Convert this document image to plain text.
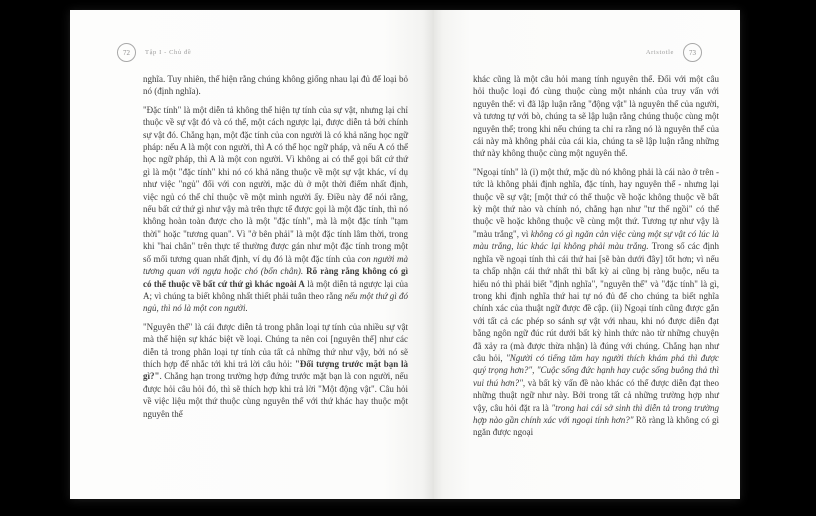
72 Tập I - Chủ đề

nghĩa. Tuy nhiên, thể hiện rằng chúng không giống nhau lại đủ để loại bỏ nó (định nghĩa).

"Đặc tính" là một diễn tả không thể hiện tự tính của sự vật, nhưng lại chỉ thuộc về sự vật đó và có thể, một cách ngược lại, được diễn tả bởi chính sự vật đó. Chẳng hạn, một đặc tính của con người là có khả năng học ngữ pháp: nếu A là một con người, thì A có thể học ngữ pháp, và nếu A có thể học ngữ pháp, thì A là một con người. Vì không ai có thể gọi bất cứ thứ gì là một "đặc tính" khi nó có khả năng thuộc về một sự vật khác, ví dụ như việc "ngủ" đối với con người, mặc dù ở một thời điểm nhất định, việc ngủ có thể chỉ thuộc về một mình người ấy. Điều này để nói rằng, nếu bất cứ thứ gì như vậy mà trên thực tế được gọi là một đặc tính, thì nó không hoàn toàn được cho là một "đặc tính", mà là một đặc tính "tạm thời" hoặc "tương quan". Vì "ở bên phải" là một đặc tính lâm thời, trong khi "hai chân" trên thực tế thường được gán như một đặc tính trong một số mối tương quan nhất định, ví dụ đó là một đặc tính của con người mà tương quan với ngựa hoặc chó (bốn chân). Rõ ràng rằng không có gì có thể thuộc về bất cứ thứ gì khác ngoài A là một diễn tả ngược lại của A; vì chúng ta biết không nhất thiết phải tuân theo rằng nếu một thứ gì đó ngủ, thì nó là một con người.

"Nguyên thể" là cái được diễn tả trong phân loại tự tính của nhiều sự vật mà thể hiện sự khác biệt về loại. Chúng ta nên coi [nguyên thể] như các diễn tả trong phân loại tự tính của tất cả những thứ như vậy, bởi nó sẽ thích hợp để nhắc tới khi trả lời câu hỏi: "Đối tượng trước mặt bạn là gì?". Chẳng hạn trong trường hợp đứng trước mặt bạn là con người, nếu được hỏi câu hỏi đó, thì sẽ thích hợp khi trả lời "Một động vật". Câu hỏi về việc liệu một thứ thuộc cùng nguyên thể với thứ khác hay thuộc một nguyên thể

Aristotle 73

khác cũng là một câu hỏi mang tính nguyên thể. Đối với một câu hỏi thuộc loại đó cùng thuộc cùng một nhánh của truy vấn với nguyên thể: vì đã lập luận rằng "động vật" là nguyên thể của người, và tương tự với bò, chúng ta sẽ lập luận rằng chúng thuộc cùng một nguyên thể; trong khi nếu chúng ta chỉ ra rằng nó là nguyên thể của cái này mà không phải của cái kia, chúng ta sẽ lập luận rằng những thứ này không thuộc cùng một nguyên thể.

"Ngoại tính" là (i) một thứ, mặc dù nó không phải là cái nào ở trên - tức là không phải định nghĩa, đặc tính, hay nguyên thể - nhưng lại thuộc về sự vật; [một thứ có thể thuộc về hoặc không thuộc về bất kỳ một thứ nào và chính nó, chẳng hạn như "tư thế ngồi" có thể thuộc về hoặc không thuộc về cùng một thứ. Tương tự như vậy là "màu trắng", vì không có gì ngăn cản việc cùng một sự vật có lúc là màu trắng, lúc khác lại không phải màu trắng. Trong số các định nghĩa về ngoại tính thì cái thứ hai [sẽ bàn dưới đây] tốt hơn; vì nếu ta chấp nhận cái thứ nhất thì bất kỳ ai cũng bị ràng buộc, nếu ta hiểu nó thì phải biết "định nghĩa", "nguyên thể" và "đặc tính" là gì, trong khi định nghĩa thứ hai tự nó đủ để cho chúng ta biết nghĩa chính xác của thuật ngữ được đề cập. (ii) Ngoại tính cũng được gắn với tất cả các phép so sánh sự vật với nhau, khi nó được diễn đạt bằng ngôn ngữ đúc rút dưới bất kỳ hình thức nào từ những chuyện đã xảy ra (mà được thừa nhận) là đúng với chúng. Chẳng hạn như câu hỏi, "Người có tiếng tăm hay người thích khám phá thì được quý trọng hơn?", "Cuộc sống đức hạnh hay cuộc sống buông thả thì vui thú hơn?", và bất kỳ vấn đề nào khác có thể được diễn đạt theo những thuật ngữ như này. Bởi trong tất cả những trường hợp như vậy, câu hỏi đặt ra là "trong hai cái sở sinh thì diễn tả trong trường hợp nào gần chính xác với ngoại tính hơn?" Rõ ràng là không có gì ngăn được ngoại
